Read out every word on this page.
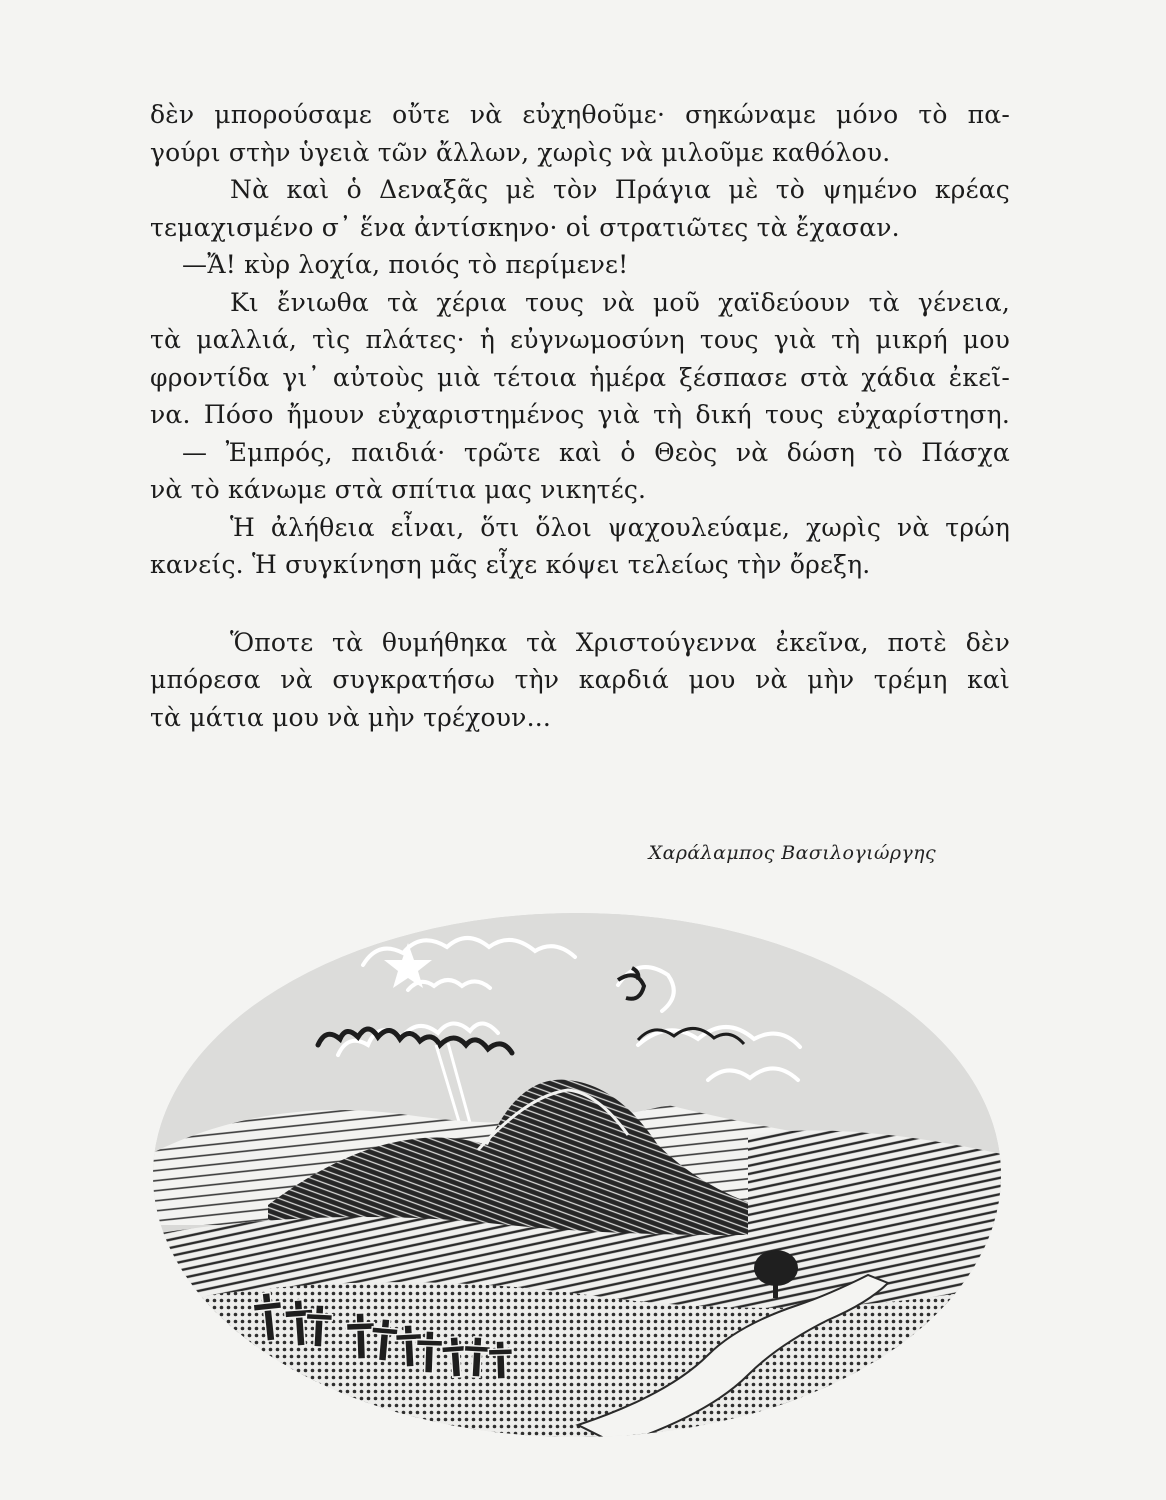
δὲν μπορούσαμε οὔτε νὰ εὐχηθοῦμε· σηκώναμε μόνο τὸ πα-
γούρι στὴν ὑγειὰ τῶν ἄλλων, χωρὶς νὰ μιλοῦμε καθόλου.
Νὰ καὶ ὁ Δεναξᾶς μὲ τὸν Πράγια μὲ τὸ ψημένο κρέας
τεμαχισμένο σ᾽ ἕνα ἀντίσκηνο· οἱ στρατιῶτες τὰ ἔχασαν.
—Ἄ! κὺρ λοχία, ποιός τὸ περίμενε!
Κι ἔνιωθα τὰ χέρια τους νὰ μοῦ χαϊδεύουν τὰ γένεια,
τὰ μαλλιά, τὶς πλάτες· ἡ εὐγνωμοσύνη τους γιὰ τὴ μικρή μου
φροντίδα γι᾽ αὐτοὺς μιὰ τέτοια ἡμέρα ξέσπασε στὰ χάδια ἐκεῖ-
να. Πόσο ἤμουν εὐχαριστημένος γιὰ τὴ δική τους εὐχαρίστηση.
— Ἐμπρός, παιδιά· τρῶτε καὶ ὁ Θεὸς νὰ δώση τὸ Πάσχα
νὰ τὸ κάνωμε στὰ σπίτια μας νικητές.
Ἡ ἀλήθεια εἶναι, ὅτι ὅλοι ψαχουλεύαμε, χωρὶς νὰ τρώη
κανείς. Ἡ συγκίνηση μᾶς εἶχε κόψει τελείως τὴν ὄρεξη.
Ὅποτε τὰ θυμήθηκα τὰ Χριστούγεννα ἐκεῖνα, ποτὲ δὲν
μπόρεσα νὰ συγκρατήσω τὴν καρδιά μου νὰ μὴν τρέμη καὶ
τὰ μάτια μου νὰ μὴν τρέχουν...
Χαράλαμπος Βασιλογιώργης
